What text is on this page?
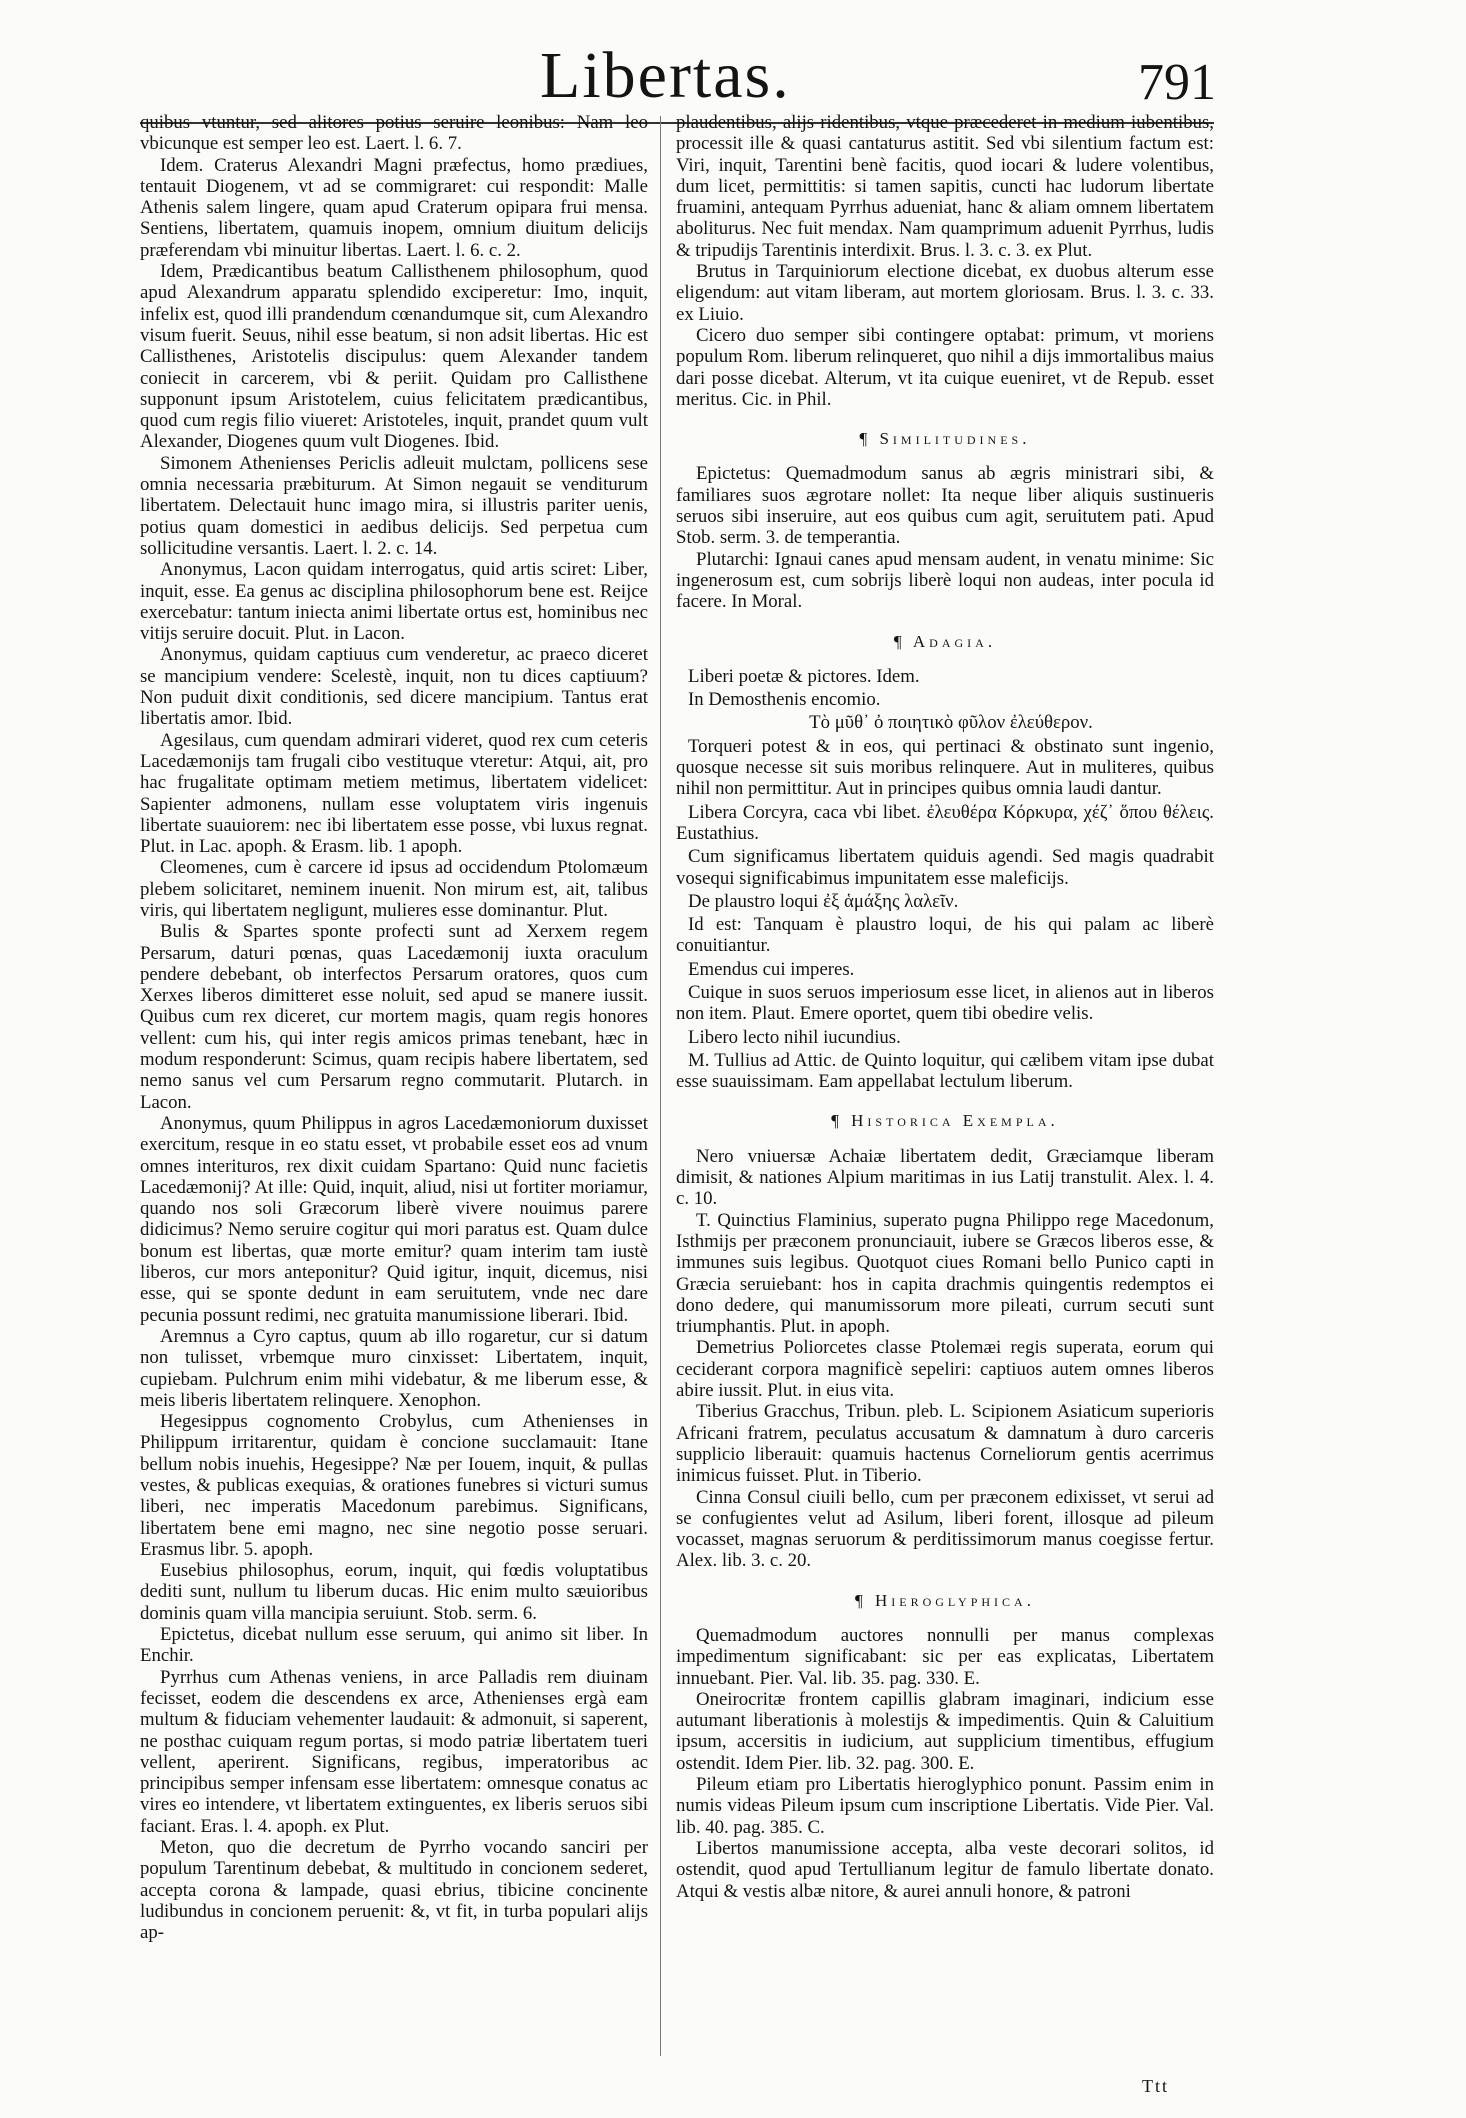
Libertas.	791

quibus vtuntur, sed alitores potius seruire leonibus: Nam leo vbicunque est semper leo est. Laert. l. 6. 7.

Idem. Craterus Alexandri Magni præfectus, homo prædiues, tentauit Diogenem, vt ad se commigraret: cui respondit: Malle Athenis salem lingere, quam apud Craterum opipara frui mensa. Sentiens, libertatem, quamuis inopem, omnium diuitum delicijs præferendam vbi minuitur libertas. Laert. l. 6. c. 2.

Idem, Prædicantibus beatum Callisthenem philosophum, quod apud Alexandrum apparatu splendido exciperetur: Imo, inquit, infelix est, quod illi prandendum cœnandumque sit, cum Alexandro visum fuerit. Seuus, nihil esse beatum, si non adsit libertas. Hic est Callisthenes, Aristotelis discipulus: quem Alexander tandem coniecit in carcerem, vbi & periit. Quidam pro Callisthene supponunt ipsum Aristotelem, cuius felicitatem prædicantibus, quod cum regis filio viueret: Aristoteles, inquit, prandet quum vult Alexander, Diogenes quum vult Diogenes. Ibid.

Simonem Athenienses Periclis adleuit mulctam, pollicens sese omnia necessaria præbiturum. At Simon negauit se venditurum libertatem. Delectauit hunc imago mira, si illustris pariter uenis, potius quam domestici in aedibus delicijs. Sed perpetua cum sollicitudine versantis. Laert. l. 2. c. 14.

Anonymus, Lacon quidam interrogatus, quid artis sciret: Liber, inquit, esse. Ea genus ac disciplina philosophorum bene est. Reijce exercebatur: tantum iniecta animi libertate ortus est, hominibus nec vitijs seruire docuit. Plut. in Lacon.

Anonymus, quidam captiuus cum venderetur, ac praeco diceret se mancipium vendere: Scelestè, inquit, non tu dices captiuum? Non puduit dixit conditionis, sed dicere mancipium. Tantus erat libertatis amor. Ibid.

Agesilaus, cum quendam admirari videret, quod rex cum ceteris Lacedæmonijs tam frugali cibo vestituque vteretur: Atqui, ait, pro hac frugalitate optimam metiem metimus, libertatem videlicet: Sapienter admonens, nullam esse voluptatem viris ingenuis libertate suauiorem: nec ibi libertatem esse posse, vbi luxus regnat. Plut. in Lac. apoph. & Erasm. lib. 1 apoph.

Cleomenes, cum è carcere id ipsus ad occidendum Ptolomæum plebem solicitaret, neminem inuenit. Non mirum est, ait, talibus viris, qui libertatem negligunt, mulieres esse dominantur. Plut.

Bulis & Spartes sponte profecti sunt ad Xerxem regem Persarum, daturi pœnas, quas Lacedæmonij iuxta oraculum pendere debebant, ob interfectos Persarum oratores, quos cum Xerxes liberos dimitteret esse noluit, sed apud se manere iussit. Quibus cum rex diceret, cur mortem magis, quam regis honores vellent: cum his, qui inter regis amicos primas tenebant, hæc in modum responderunt: Scimus, quam recipis habere libertatem, sed nemo sanus vel cum Persarum regno commutarit. Plutarch. in Lacon.

Anonymus, quum Philippus in agros Lacedæmoniorum duxisset exercitum, resque in eo statu esset, vt probabile esset eos ad vnum omnes interituros, rex dixit cuidam Spartano: Quid nunc facietis Lacedæmonij? At ille: Quid, inquit, aliud, nisi ut fortiter moriamur, quando nos soli Græcorum liberè vivere nouimus parere didicimus? Nemo seruire cogitur qui mori paratus est. Quam dulce bonum est libertas, quæ morte emitur? quam interim tam iustè liberos, cur mors anteponitur? Quid igitur, inquit, dicemus, nisi esse, qui se sponte dedunt in eam seruitutem, vnde nec dare pecunia possunt redimi, nec gratuita manumissione liberari. Ibid.

Aremnus a Cyro captus, quum ab illo rogaretur, cur si datum non tulisset, vrbemque muro cinxisset: Libertatem, inquit, cupiebam. Pulchrum enim mihi videbatur, & me liberum esse, & meis liberis libertatem relinquere. Xenophon.

Hegesippus cognomento Crobylus, cum Athenienses in Philippum irritarentur, quidam è concione succlamauit: Itane bellum nobis inuehis, Hegesippe? Næ per Iouem, inquit, & pullas vestes, & publicas exequias, & orationes funebres si victuri sumus liberi, nec imperatis Macedonum parebimus. Significans, libertatem bene emi magno, nec sine negotio posse seruari. Erasmus libr. 5. apoph.

Eusebius philosophus, eorum, inquit, qui fœdis voluptatibus dediti sunt, nullum tu liberum ducas. Hic enim multo sæuioribus dominis quam villa mancipia seruiunt. Stob. serm. 6.

Epictetus, dicebat nullum esse seruum, qui animo sit liber. In Enchir.

Pyrrhus cum Athenas veniens, in arce Palladis rem diuinam fecisset, eodem die descendens ex arce, Athenienses ergà eam multum & fiduciam vehementer laudauit: & admonuit, si saperent, ne posthac cuiquam regum portas, si modo patriæ libertatem tueri vellent, aperirent. Significans, regibus, imperatoribus ac principibus semper infensam esse libertatem: omnesque conatus ac vires eo intendere, vt libertatem extinguentes, ex liberis seruos sibi faciant. Eras. l. 4. apoph. ex Plut.

Meton, quo die decretum de Pyrrho vocando sanciri per populum Tarentinum debebat, & multitudo in concionem sederet, accepta corona & lampade, quasi ebrius, tibicine concinente ludibundus in concionem peruenit: &, vt fit, in turba populari alijs ap-

plaudentibus, alijs ridentibus, vtque præcederet in medium iubentibus, processit ille & quasi cantaturus astitit. Sed vbi silentium factum est: Viri, inquit, Tarentini benè facitis, quod iocari & ludere volentibus, dum licet, permittitis: si tamen sapitis, cuncti hac ludorum libertate fruamini, antequam Pyrrhus adueniat, hanc & aliam omnem libertatem aboliturus. Nec fuit mendax. Nam quamprimum aduenit Pyrrhus, ludis & tripudijs Tarentinis interdixit. Brus. l. 3. c. 3. ex Plut.

Brutus in Tarquiniorum electione dicebat, ex duobus alterum esse eligendum: aut vitam liberam, aut mortem gloriosam. Brus. l. 3. c. 33. ex Liuio.

Cicero duo semper sibi contingere optabat: primum, vt moriens populum Rom. liberum relinqueret, quo nihil a dijs immortalibus maius dari posse dicebat. Alterum, vt ita cuique eueniret, vt de Repub. esset meritus. Cic. in Phil.

¶ Similitudines.

Epictetus: Quemadmodum sanus ab ægris ministrari sibi, & familiares suos ægrotare nollet: Ita neque liber aliquis sustinueris seruos sibi inseruire, aut eos quibus cum agit, seruitutem pati. Apud Stob. serm. 3. de temperantia.

Plutarchi: Ignaui canes apud mensam audent, in venatu minime: Sic ingenerosum est, cum sobrijs liberè loqui non audeas, inter pocula id facere. In Moral.

¶ Adagia.

Liberi poetæ & pictores. Idem.

In Demosthenis encomio.

Τὸ μῦθ᾽ ὀ ποιητικὸ φῦλον ἐλεύθερον.

Torqueri potest & in eos, qui pertinaci & obstinato sunt ingenio, quosque necesse sit suis moribus relinquere. Aut in muliteres, quibus nihil non permittitur. Aut in principes quibus omnia laudi dantur.

Libera Corcyra, caca vbi libet. ἐλευθέρα Κόρκυρα, χέζ᾽ ὅπου θέλεις. Eustathius.

Cum significamus libertatem quiduis agendi. Sed magis quadrabit vosequi significabimus impunitatem esse maleficijs.

De plaustro loqui ἐξ ἁμάξης λαλεῖν.

Id est: Tanquam è plaustro loqui, de his qui palam ac liberè conuitiantur.

Emendus cui imperes.

Cuique in suos seruos imperiosum esse licet, in alienos aut in liberos non item. Plaut. Emere oportet, quem tibi obedire velis.

Libero lecto nihil iucundius.

M. Tullius ad Attic. de Quinto loquitur, qui cælibem vitam ipse dubat esse suauissimam. Eam appellabat lectulum liberum.

¶ Historica Exempla.

Nero vniuersæ Achaiæ libertatem dedit, Græciamque liberam dimisit, & nationes Alpium maritimas in ius Latij transtulit. Alex. l. 4. c. 10.

T. Quinctius Flaminius, superato pugna Philippo rege Macedonum, Isthmijs per præconem pronunciauit, iubere se Græcos liberos esse, & immunes suis legibus. Quotquot ciues Romani bello Punico capti in Græcia seruiebant: hos in capita drachmis quingentis redemptos ei dono dedere, qui manumissorum more pileati, currum secuti sunt triumphantis. Plut. in apoph.

Demetrius Poliorcetes classe Ptolemæi regis superata, eorum qui ceciderant corpora magnificè sepeliri: captiuos autem omnes liberos abire iussit. Plut. in eius vita.

Tiberius Gracchus, Tribun. pleb. L. Scipionem Asiaticum superioris Africani fratrem, peculatus accusatum & damnatum à duro carceris supplicio liberauit: quamuis hactenus Corneliorum gentis acerrimus inimicus fuisset. Plut. in Tiberio.

Cinna Consul ciuili bello, cum per præconem edixisset, vt serui ad se confugientes velut ad Asilum, liberi forent, illosque ad pileum vocasset, magnas seruorum & perditissimorum manus coegisse fertur. Alex. lib. 3. c. 20.

¶ Hieroglyphica.

Quemadmodum auctores nonnulli per manus complexas impedimentum significabant: sic per eas explicatas, Libertatem innuebant. Pier. Val. lib. 35. pag. 330. E.

Oneirocritæ frontem capillis glabram imaginari, indicium esse autumant liberationis à molestijs & impedimentis. Quin & Caluitium ipsum, accersitis in iudicium, aut supplicium timentibus, effugium ostendit. Idem Pier. lib. 32. pag. 300. E.

Pileum etiam pro Libertatis hieroglyphico ponunt. Passim enim in numis videas Pileum ipsum cum inscriptione Libertatis. Vide Pier. Val. lib. 40. pag. 385. C.

Libertos manumissione accepta, alba veste decorari solitos, id ostendit, quod apud Tertullianum legitur de famulo libertate donato. Atqui & vestis albæ nitore, & aurei annuli honore, & patroni

Ttt
